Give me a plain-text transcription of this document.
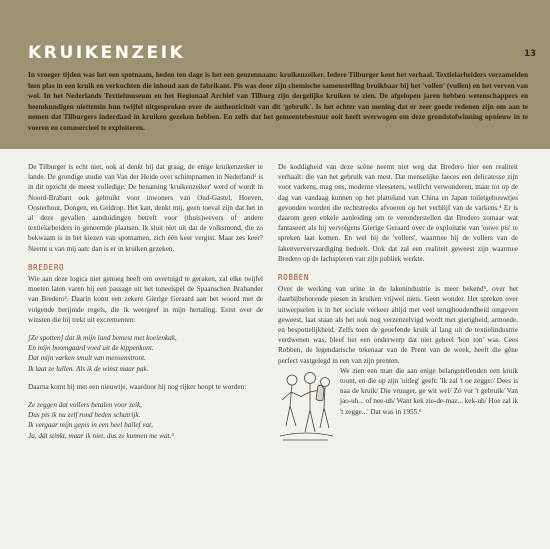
KRUIKENZEIK	13
In vroeger tijden was het een spotnaam, heden ten dage is het een geuzennaam: kruikenzeiker. Iedere Tilburger kent het verhaal. Textielarbeiders verzamelden hun plas in een kruik en verkochten die inhoud aan de fabrikant. Pis was door zijn chemische samenstelling bruikbaar bij het 'vollen' (vullen) en het verven van wol. In het Nederlands Textielmuseum en het Regionaal Archief van Tilburg zijn dergelijke kruiken te zien. De afgelopen jaren hebben wetenschappers en heemkundigen niettemin hun twijfel uitgesproken over de authenticiteit van dit 'gebruik'. Is het echter van mening dat er zeer goede redenen zijn om aan te nemen dat Tilburgers inderdaad in kruiken gezeken hebben. En zelfs dat het gemeentebestuur ooit heeft overwogen om deze grondstofwinning opnieuw in te voeren en commercieel te exploiteren.

De Tilburger is echt niet, ook al denkt hij dat graag, de enige kruikenzeiker te lande. De grondige studie van Van der Heide over schimpnamen in Nederland¹ is in dit opzicht de meest volledige. De benaming 'kruikenzeiker' werd of wordt in Noord-Brabant ook gebruikt voor inwoners van Oud-Gastel, Hoeven, Oosterhout, Dongen, en Geldrop. Het kan, denkt mij, geen toeval zijn dat het in al deze gevallen aanduidingen betreft voor (thuis)wevers of andere textielarbeiders in genoemde plaatsen. Ik sluit niet uit dat de volksmond, die zo bekwaam is in het kiezen van spotnamen, zich één keer vergist. Maar zes keer? Neemt u van mij aan: dan is er in kruiken gezeken.

BREDERO

Wie aan deze logica niet genoeg heeft om overtuigd te geraken, zal elke twijfel moeten laten varen bij een passage uit het toneelspel de Spaanschen Brabander van Bredero². Daarin komt een zekere Gierige Geraard aan het woord met de volgende berijmde regels, die ik weergeef in mijn hertaling. Eerst over de winsten die hij trekt uit excrementen:

[Ze spotten] dat ik mijn land bemest met koeienkak,
En mijn boomgaard voed uit de kippenkont.
Dat mijn varken smult van mensenstront.
Ik laat ze lullen. Als ik de winst maar pak.

Daarna komt hij met een nieuwtje, waardoor hij nog rijker hoopt te worden:

Ze zeggen dat vollers betalen voor zeik,
Dus pis ik nu zelf rond heden schatrijk.
Ik vergaar mijn gepis in een heel ballef vat,
Ja, dát stinkt, maar ik niet, dus ze kunnen me wat.³

De koddigheid van deze scène neemt niet weg dat Bredero hier een realiteit verhaalt: die van het gebruik van mest. Dat menselijke faeces een delicatesse zijn voor varkens, mag ons, moderne vleeseters, wellicht verwonderen, maar tot op de dag van vandaag kunnen op het platteland van China en Japan toiletgebouwtjes gevonden worden die rechtstreeks afvoeren op het verblijf van de varkens.⁴ Er is daarom geen enkele aanleiding om te veronderstellen dat Bredero zomaar wat fantaseert als hij vervolgens Gierige Geraard over de exploitatie van 'ouwe pis' te spreken laat komen. En wel bij de 'vollers', waarmee hij de vollers van de lakenververvaardiging bedoelt. Ook dat zal een realiteit geweest zijn waarmee Bredero op de lachspieren van zijn publiek werkte.

ROBBEN

Over de werking van urine in de lakenindustrie is meer bekend⁵, over het daarbijbehorende piesen in kruiken vrijwel niets. Geen wonder. Het spreken over uitwerpselen is in het sociale verkeer altijd met veel terughoudendheid omgeven geweest, laat staan als het ook nog verzenzelvigd wordt met gierigheid, armoede, en bespottelijkheid. Zelfs toen de geoefende kruik al lang uit de textielindustrie verdwenen was, bleef het een onderwerp dat niet geheel 'bon ton' was. Cees Robben, de legendarische tekenaar van de Prent van de week, heeft die gêne perfect vastgelegd in een van zijn prenten.

We zien een man die aan enige belangstellenden een kruik toont, en die op zijn 'uitleg' geeft: 'Ik zal 't oe zegge:/ Dees is naa de kruik/ Die vruuger, ge wit wel/ Zó vur 't gebruik/ Van jao-uh... of nee-uh/ Want kek zie-de-maz... kek-uh/ Hoe zal ik 't zegge...' Dat was in 1955.⁶
